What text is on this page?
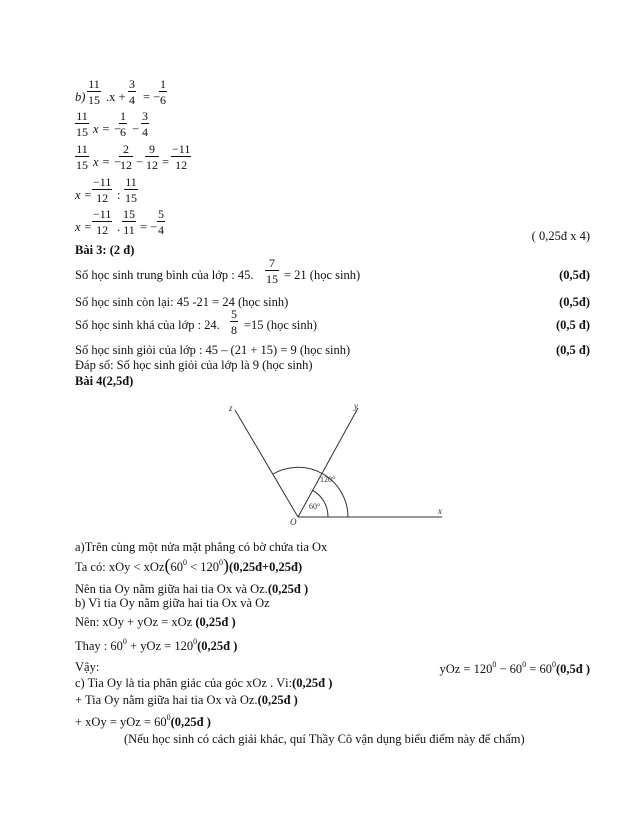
b)
11
15 .x +
3
4 = −
1
6
11
15 x = −
1
6 −
3
4
11
15 x = −
2
12 −
9
12 =
−11
12
x =
−11
12 :
11
15
x =
−11
12 .
15
11 = −
5
4	( 0,25đ x 4)
Bài 3: (2 đ)
Số học sinh trung bình của lớp : 45.
7
15 = 21 (học sinh)	(0,5đ)
Số học sinh còn lại: 45 -21 = 24 (học sinh)	(0,5đ)
Số học sinh khá của lớp : 24.
5
8 =15 (học sinh)	(0,5 đ)
Số học sinh giỏi của lớp : 45 – (21 + 15) = 9 (học sinh)	(0,5 đ)
Đáp số: Số học sinh giỏi của lớp là 9 (học sinh)
Bài 4(2,5đ)
z	y
x
O
120°
60°
a)Trên cùng một nửa mặt phẳng có bờ chứa tia Ox
Ta có: xOy < $xOz(60^0$ < $120^0)(0,25đ+0,25đ)$
Nên tia Oy nằm giữa hai tia Ox và Oz.(0,25đ )
b) Vì tia Oy nằm giữa hai tia Ox và Oz
Nên: xOy + yOz = xOz (0,25đ )
Thay : $60^0$ + yOz = $120^0(0,25đ$ )
Vậy:	yOz = $120^0 - 60^0$ = $60^0(0,5đ$ )
c) Tia Oy là tia phân giác của góc xOz . Vì:(0,25đ )
+ Tia Oy nằm giữa hai tia Ox và Oz.(0,25đ )
+ xOy = yOz = $60^0(0,25đ$ )
(Nếu học sinh có cách giải khác, quí Thầy Cô vận dụng biểu điểm này để chấm)
